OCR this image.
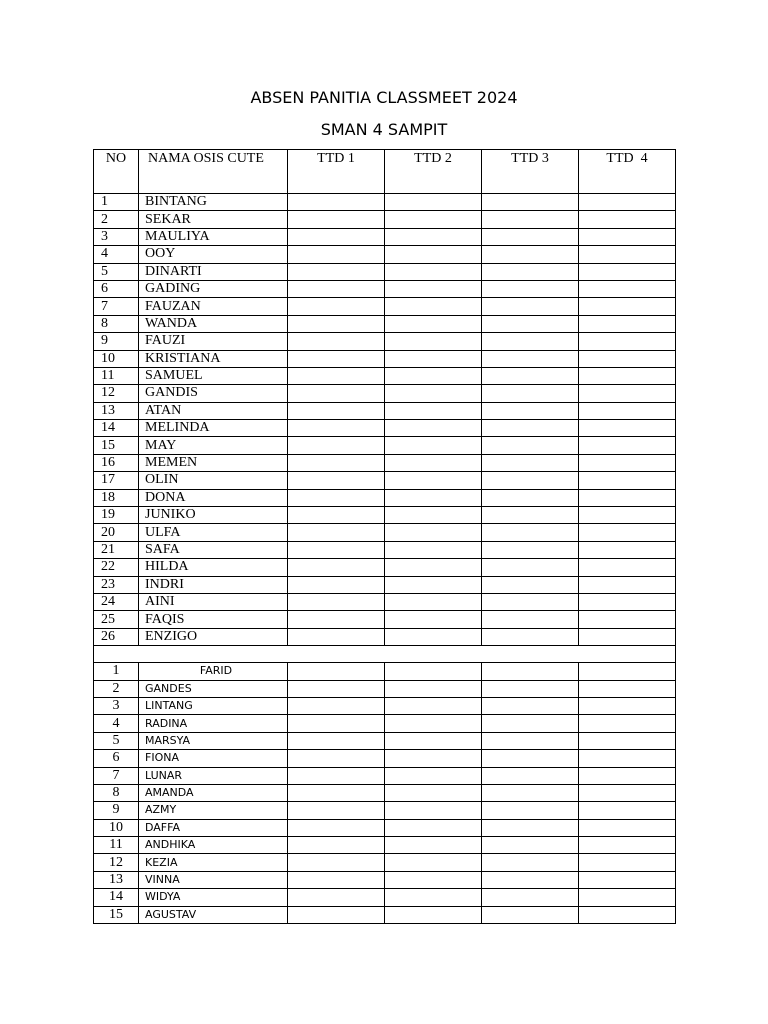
ABSEN PANITIA CLASSMEET 2024
SMAN 4 SAMPIT
NO	NAMA OSIS CUTE	TTD 1	TTD 2	TTD 3	TTD  4
1	BINTANG				
2	SEKAR				
3	MAULIYA				
4	OOY				
5	DINARTI				
6	GADING				
7	FAUZAN				
8	WANDA				
9	FAUZI				
10	KRISTIANA				
11	SAMUEL				
12	GANDIS				
13	ATAN				
14	MELINDA				
15	MAY				
16	MEMEN				
17	OLIN				
18	DONA				
19	JUNIKO				
20	ULFA				
21	SAFA				
22	HILDA				
23	INDRI				
24	AINI				
25	FAQIS				
26	ENZIGO				

1	FARID				
2	GANDES				
3	LINTANG				
4	RADINA				
5	MARSYA				
6	FIONA				
7	LUNAR				
8	AMANDA				
9	AZMY				
10	DAFFA				
11	ANDHIKA				
12	KEZIA				
13	VINNA				
14	WIDYA				
15	AGUSTAV				
